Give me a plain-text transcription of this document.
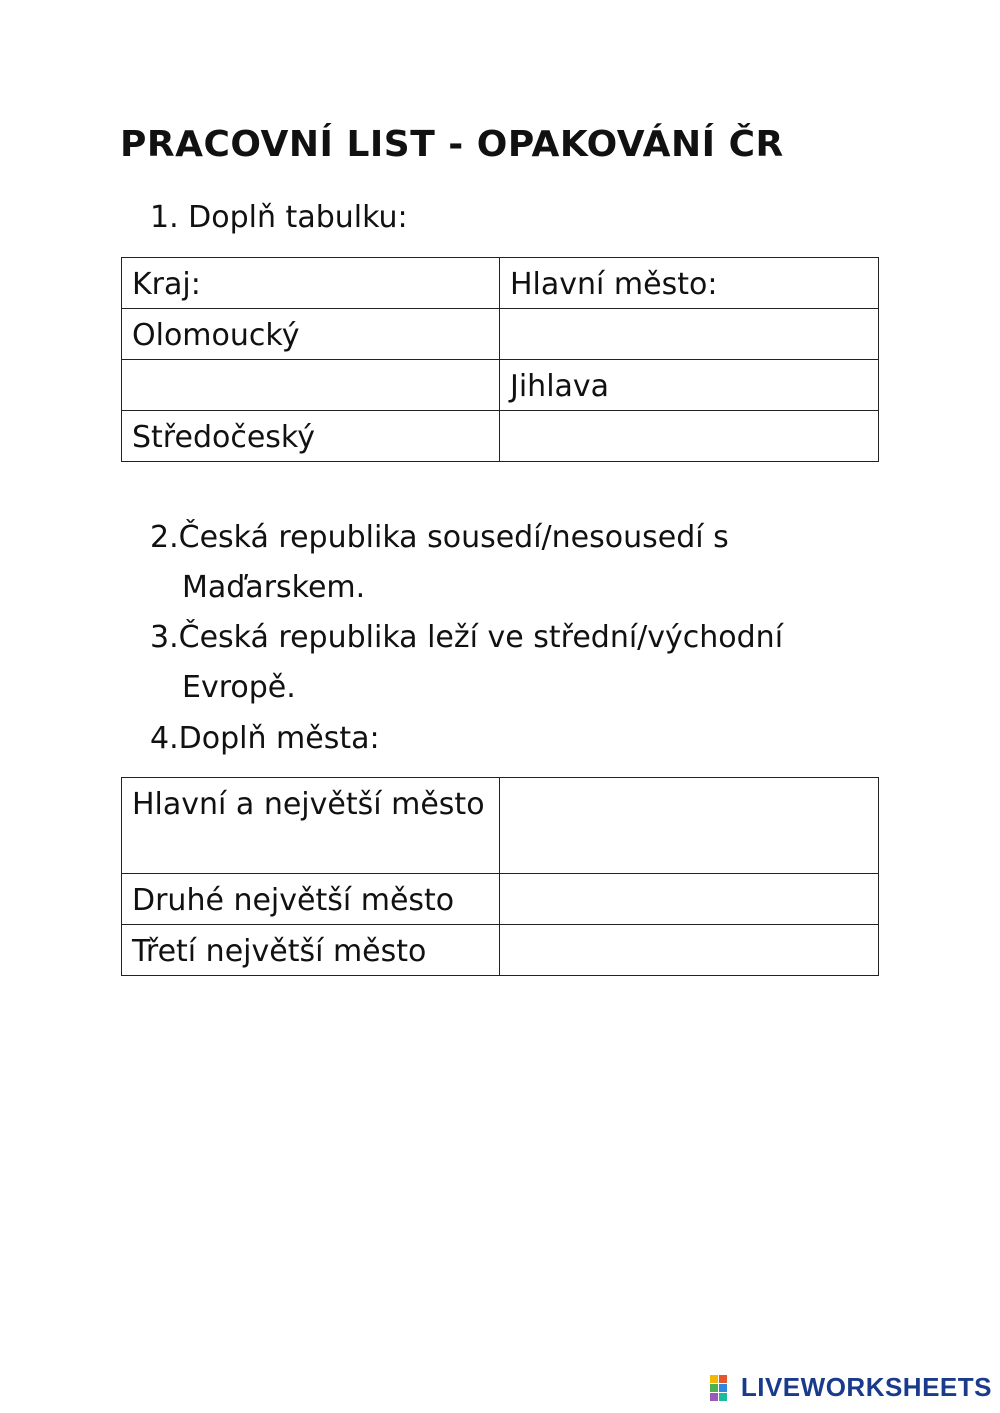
PRACOVNÍ LIST - OPAKOVÁNÍ ČR
1. Doplň tabulku:
Kraj:	Hlavní město:
Olomoucký	
	Jihlava
Středočeský	
2.Česká republika sousedí/nesousedí s
Maďarskem.
3.Česká republika leží ve střední/východní
Evropě.
4.Doplň města:
Hlavní a největší město	
Druhé největší město	
Třetí největší město	
LIVEWORKSHEETS
